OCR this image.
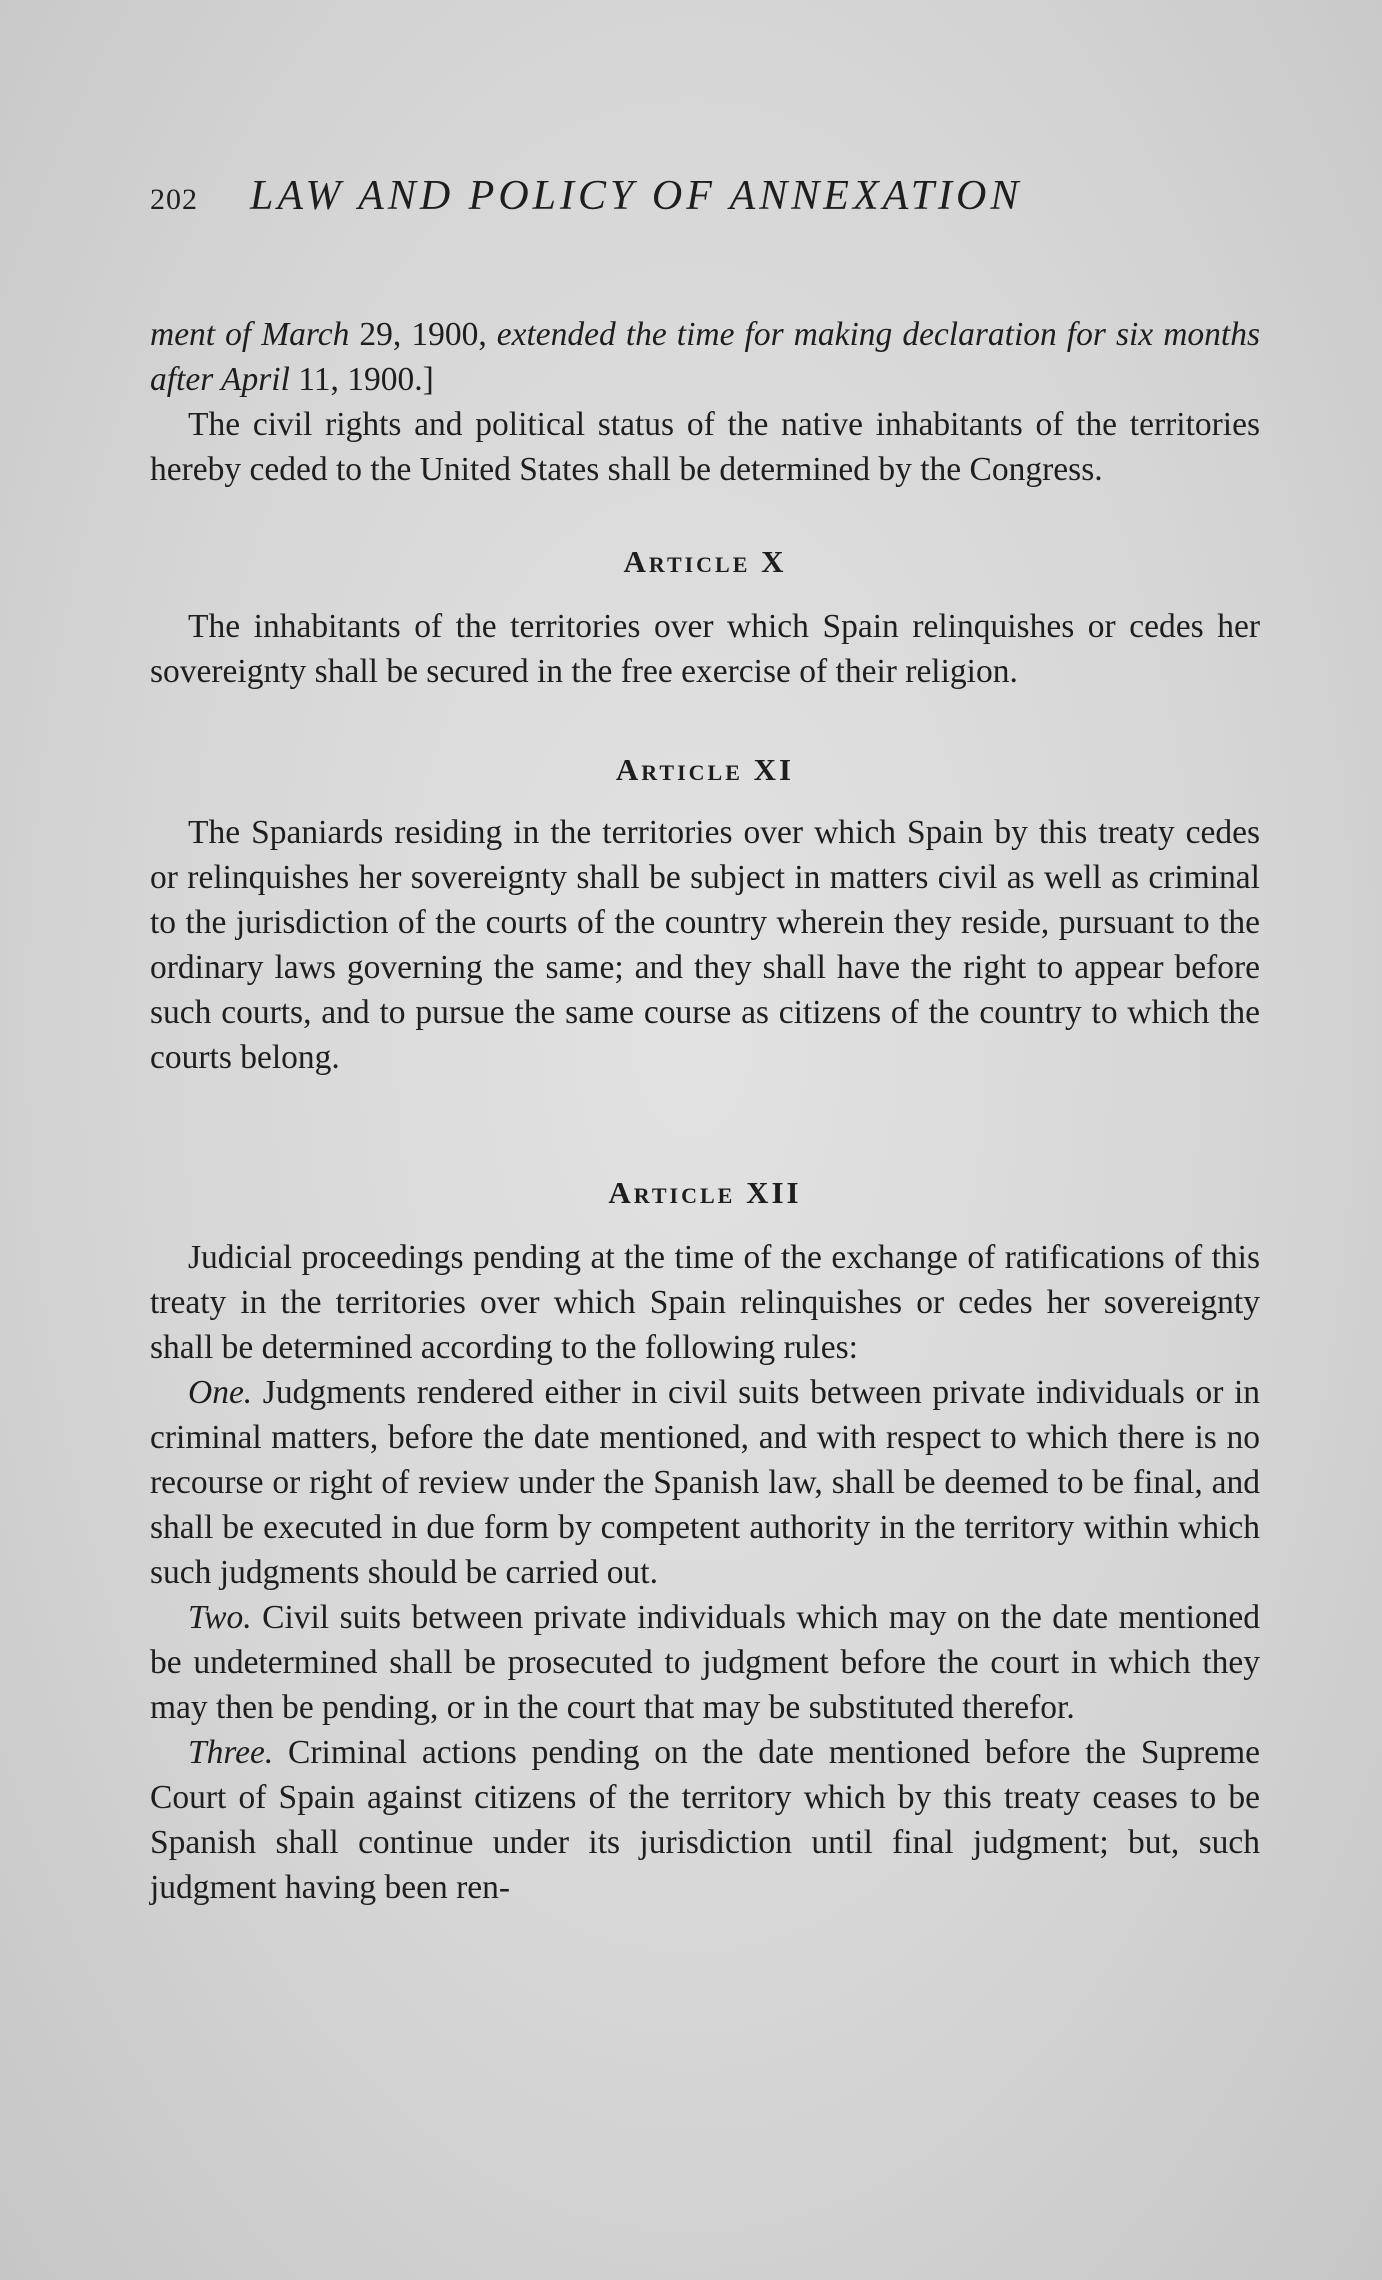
202	LAW AND POLICY OF ANNEXATION

ment of March 29, 1900, extended the time for making declaration for six months after April 11, 1900.]

The civil rights and political status of the native inhabitants of the territories hereby ceded to the United States shall be determined by the Congress.

Article X

The inhabitants of the territories over which Spain relinquishes or cedes her sovereignty shall be secured in the free exercise of their religion.

Article XI

The Spaniards residing in the territories over which Spain by this treaty cedes or relinquishes her sovereignty shall be subject in matters civil as well as criminal to the jurisdiction of the courts of the country wherein they reside, pursuant to the ordinary laws governing the same; and they shall have the right to appear before such courts, and to pursue the same course as citizens of the country to which the courts belong.

Article XII

Judicial proceedings pending at the time of the exchange of ratifications of this treaty in the territories over which Spain relinquishes or cedes her sovereignty shall be determined according to the following rules:

One. Judgments rendered either in civil suits between private individuals or in criminal matters, before the date mentioned, and with respect to which there is no recourse or right of review under the Spanish law, shall be deemed to be final, and shall be executed in due form by competent authority in the territory within which such judgments should be carried out.

Two. Civil suits between private individuals which may on the date mentioned be undetermined shall be prosecuted to judgment before the court in which they may then be pending, or in the court that may be substituted therefor.

Three. Criminal actions pending on the date mentioned before the Supreme Court of Spain against citizens of the territory which by this treaty ceases to be Spanish shall continue under its jurisdiction until final judgment; but, such judgment having been ren-
